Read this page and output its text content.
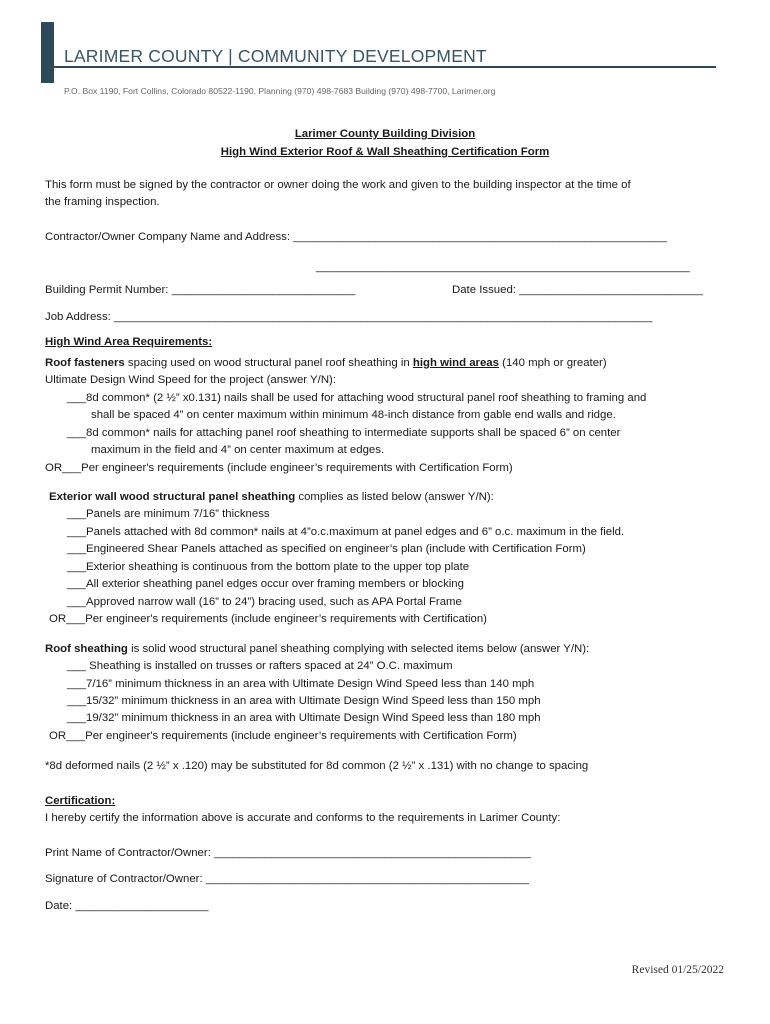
LARIMER COUNTY | COMMUNITY DEVELOPMENT
P.O. Box 1190, Fort Collins, Colorado 80522-1190, Planning (970) 498-7683 Building (970) 498-7700, Larimer.org
Larimer County Building Division
High Wind Exterior Roof & Wall Sheathing Certification Form
This form must be signed by the contractor or owner doing the work and given to the building inspector at the time of
the framing inspection.
Contractor/Owner Company Name and Address: ___________________________________________________________
___________________________________________________________
Building Permit Number: _____________________________	Date Issued: _____________________________
Job Address: _____________________________________________________________________________________
High Wind Area Requirements:
Roof fasteners spacing used on wood structural panel roof sheathing in high wind areas (140 mph or greater)
Ultimate Design Wind Speed for the project (answer Y/N):
___8d common* (2 ½” x0.131) nails shall be used for attaching wood structural panel roof sheathing to framing and
shall be spaced 4” on center maximum within minimum 48-inch distance from gable end walls and ridge.
___8d common* nails for attaching panel roof sheathing to intermediate supports shall be spaced 6” on center
maximum in the field and 4” on center maximum at edges.
OR___Per engineer's requirements (include engineer’s requirements with Certification Form)
Exterior wall wood structural panel sheathing complies as listed below (answer Y/N):
___Panels are minimum 7/16” thickness
___Panels attached with 8d common* nails at 4”o.c.maximum at panel edges and 6” o.c. maximum in the field.
___Engineered Shear Panels attached as specified on engineer’s plan (include with Certification Form)
___Exterior sheathing is continuous from the bottom plate to the upper top plate
___All exterior sheathing panel edges occur over framing members or blocking
___Approved narrow wall (16” to 24”) bracing used, such as APA Portal Frame
OR___Per engineer's requirements (include engineer’s requirements with Certification)
Roof sheathing is solid wood structural panel sheathing complying with selected items below (answer Y/N):
___ Sheathing is installed on trusses or rafters spaced at 24” O.C. maximum
___7/16” minimum thickness in an area with Ultimate Design Wind Speed less than 140 mph
___15/32” minimum thickness in an area with Ultimate Design Wind Speed less than 150 mph
___19/32” minimum thickness in an area with Ultimate Design Wind Speed less than 180 mph
OR___Per engineer's requirements (include engineer’s requirements with Certification Form)
*8d deformed nails (2 ½” x .120) may be substituted for 8d common (2 ½” x .131) with no change to spacing
Certification:
I hereby certify the information above is accurate and conforms to the requirements in Larimer County:
Print Name of Contractor/Owner: __________________________________________________
Signature of Contractor/Owner: ___________________________________________________
Date: _____________________
Revised 01/25/2022
